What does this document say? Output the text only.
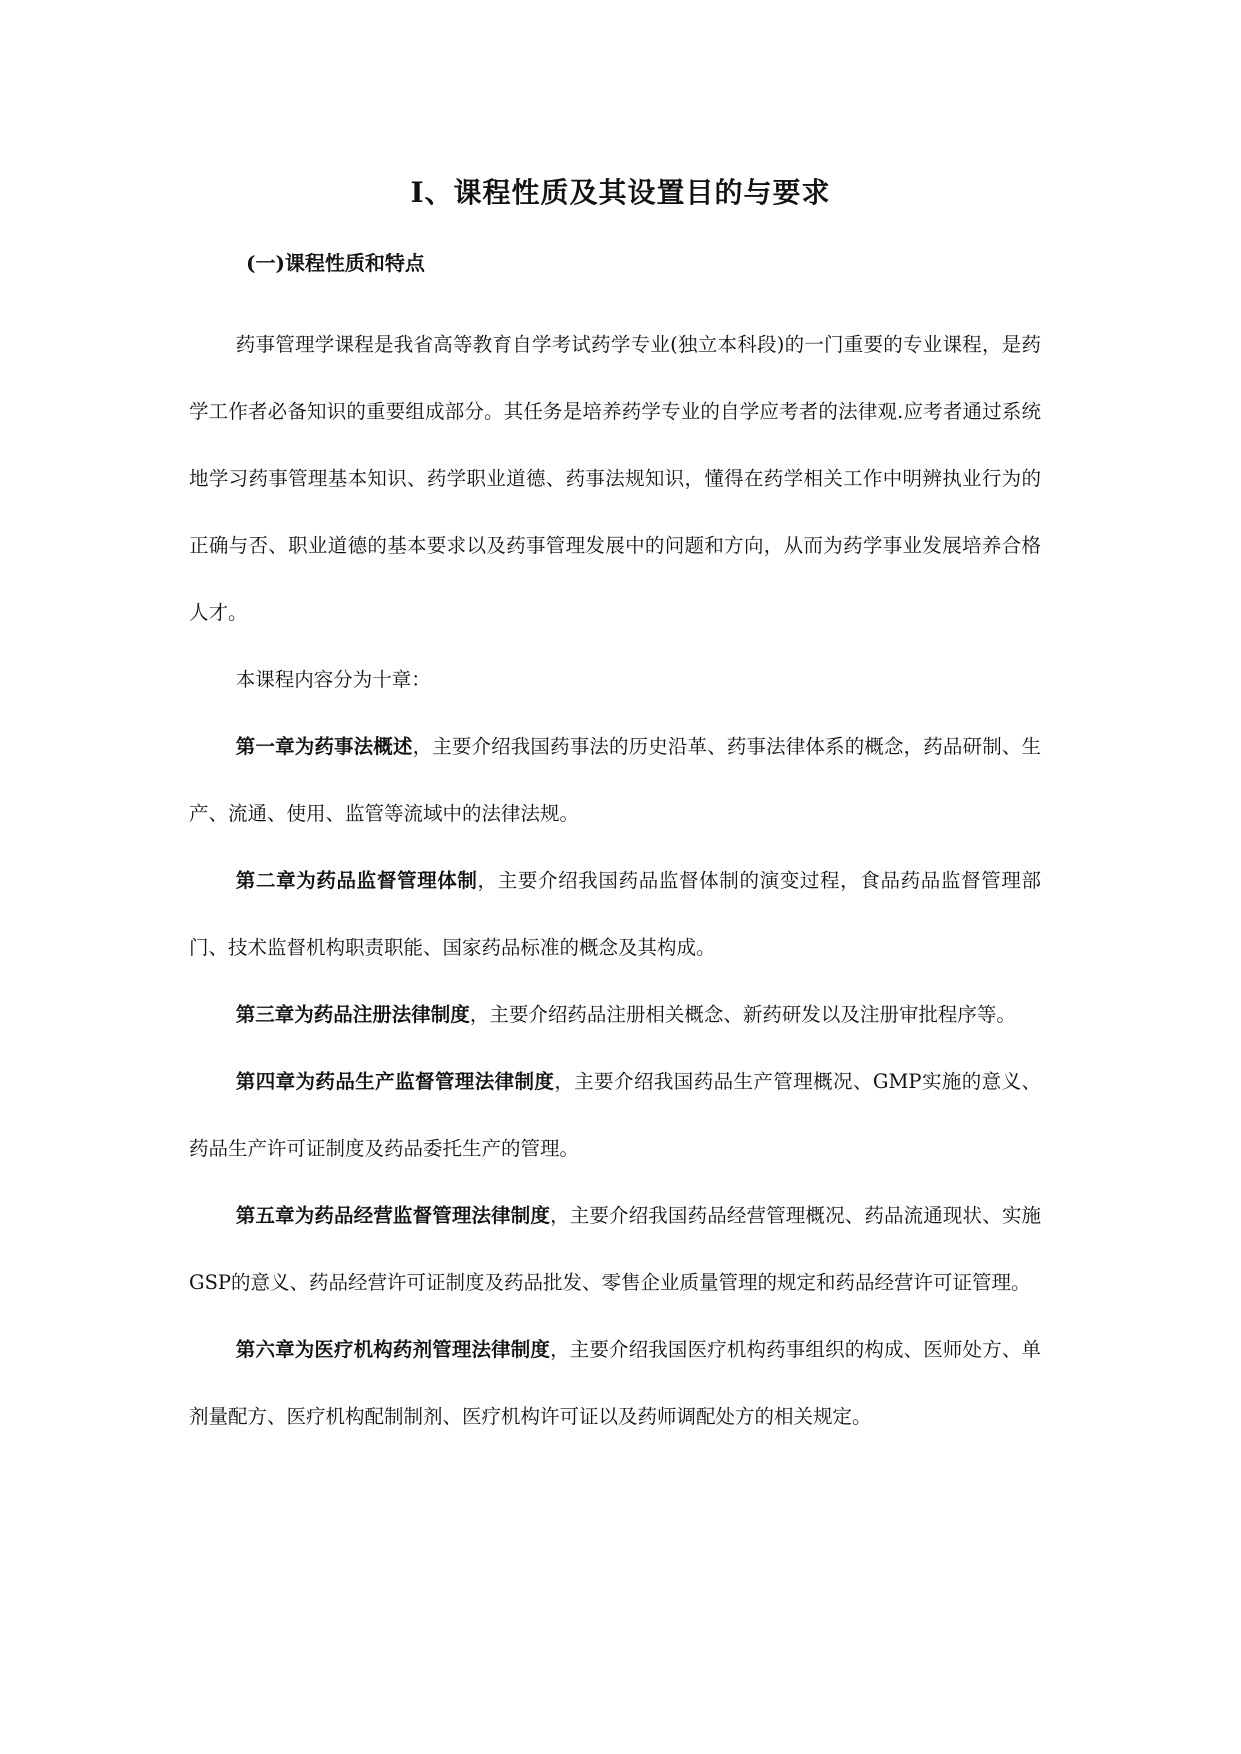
I、课程性质及其设置目的与要求
(一)课程性质和特点

药事管理学课程是我省高等教育自学考试药学专业(独立本科段)的一门重要的专业课程，是药学工作者必备知识的重要组成部分。其任务是培养药学专业的自学应考者的法律观.应考者通过系统地学习药事管理基本知识、药学职业道德、药事法规知识，懂得在药学相关工作中明辨执业行为的正确与否、职业道德的基本要求以及药事管理发展中的问题和方向，从而为药学事业发展培养合格人才。

本课程内容分为十章：

第一章为药事法概述，主要介绍我国药事法的历史沿革、药事法律体系的概念，药品研制、生产、流通、使用、监管等流域中的法律法规。

第二章为药品监督管理体制，主要介绍我国药品监督体制的演变过程，食品药品监督管理部门、技术监督机构职责职能、国家药品标准的概念及其构成。

第三章为药品注册法律制度，主要介绍药品注册相关概念、新药研发以及注册审批程序等。

第四章为药品生产监督管理法律制度，主要介绍我国药品生产管理概况、GMP实施的意义、药品生产许可证制度及药品委托生产的管理。

第五章为药品经营监督管理法律制度，主要介绍我国药品经营管理概况、药品流通现状、实施GSP的意义、药品经营许可证制度及药品批发、零售企业质量管理的规定和药品经营许可证管理。

第六章为医疗机构药剂管理法律制度，主要介绍我国医疗机构药事组织的构成、医师处方、单剂量配方、医疗机构配制制剂、医疗机构许可证以及药师调配处方的相关规定。
